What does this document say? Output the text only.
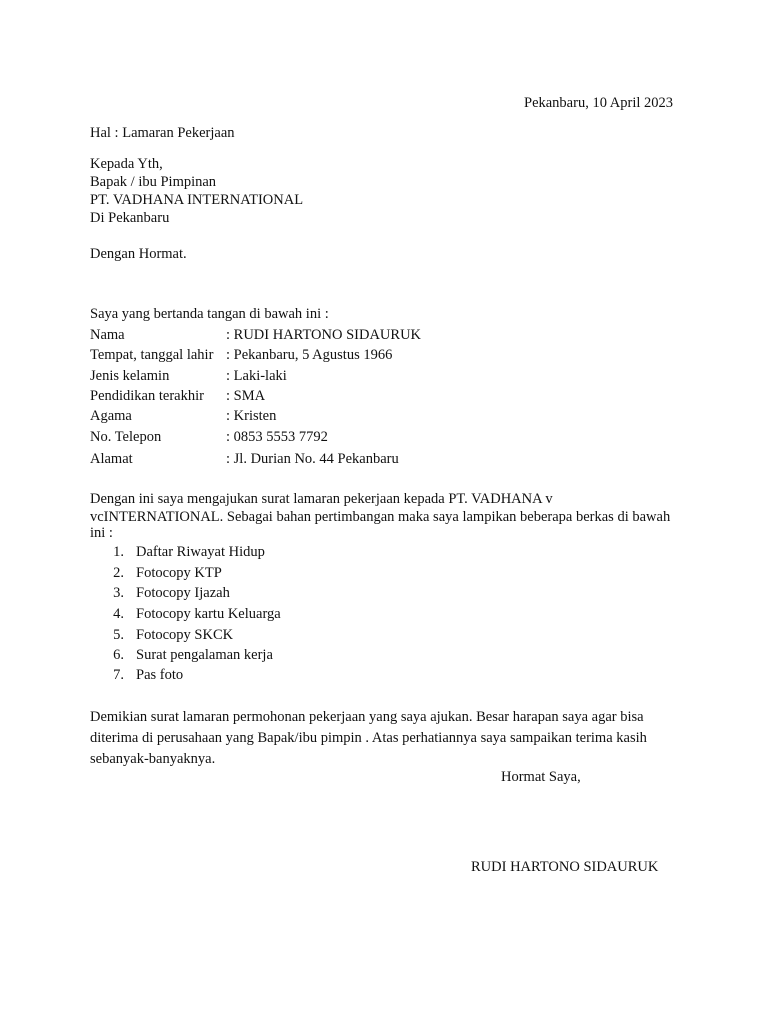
Pekanbaru, 10 April 2023
Hal : Lamaran Pekerjaan
Kepada Yth,
Bapak / ibu Pimpinan
PT. VADHANA INTERNATIONAL
Di Pekanbaru
Dengan Hormat.
Saya yang bertanda tangan di bawah ini :
Nama	: RUDI HARTONO SIDAURUK
Tempat, tanggal lahir : Pekanbaru, 5 Agustus 1966
Jenis kelamin	: Laki-laki
Pendidikan terakhir : SMA
Agama	: Kristen
No. Telepon	: 0853 5553 7792
Alamat	: Jl. Durian No. 44 Pekanbaru
Dengan ini saya mengajukan surat lamaran pekerjaan kepada PT. VADHANA v
vcINTERNATIONAL. Sebagai bahan pertimbangan maka saya lampikan beberapa berkas di bawah
ini :
1. Daftar Riwayat Hidup
2. Fotocopy KTP
3. Fotocopy Ijazah
4. Fotocopy kartu Keluarga
5. Fotocopy SKCK
6. Surat pengalaman kerja
7. Pas foto
Demikian surat lamaran permohonan pekerjaan yang saya ajukan. Besar harapan saya agar bisa
diterima di perusahaan yang Bapak/ibu pimpin . Atas perhatiannya saya sampaikan terima kasih
sebanyak-banyaknya.
Hormat Saya,
RUDI HARTONO SIDAURUK
